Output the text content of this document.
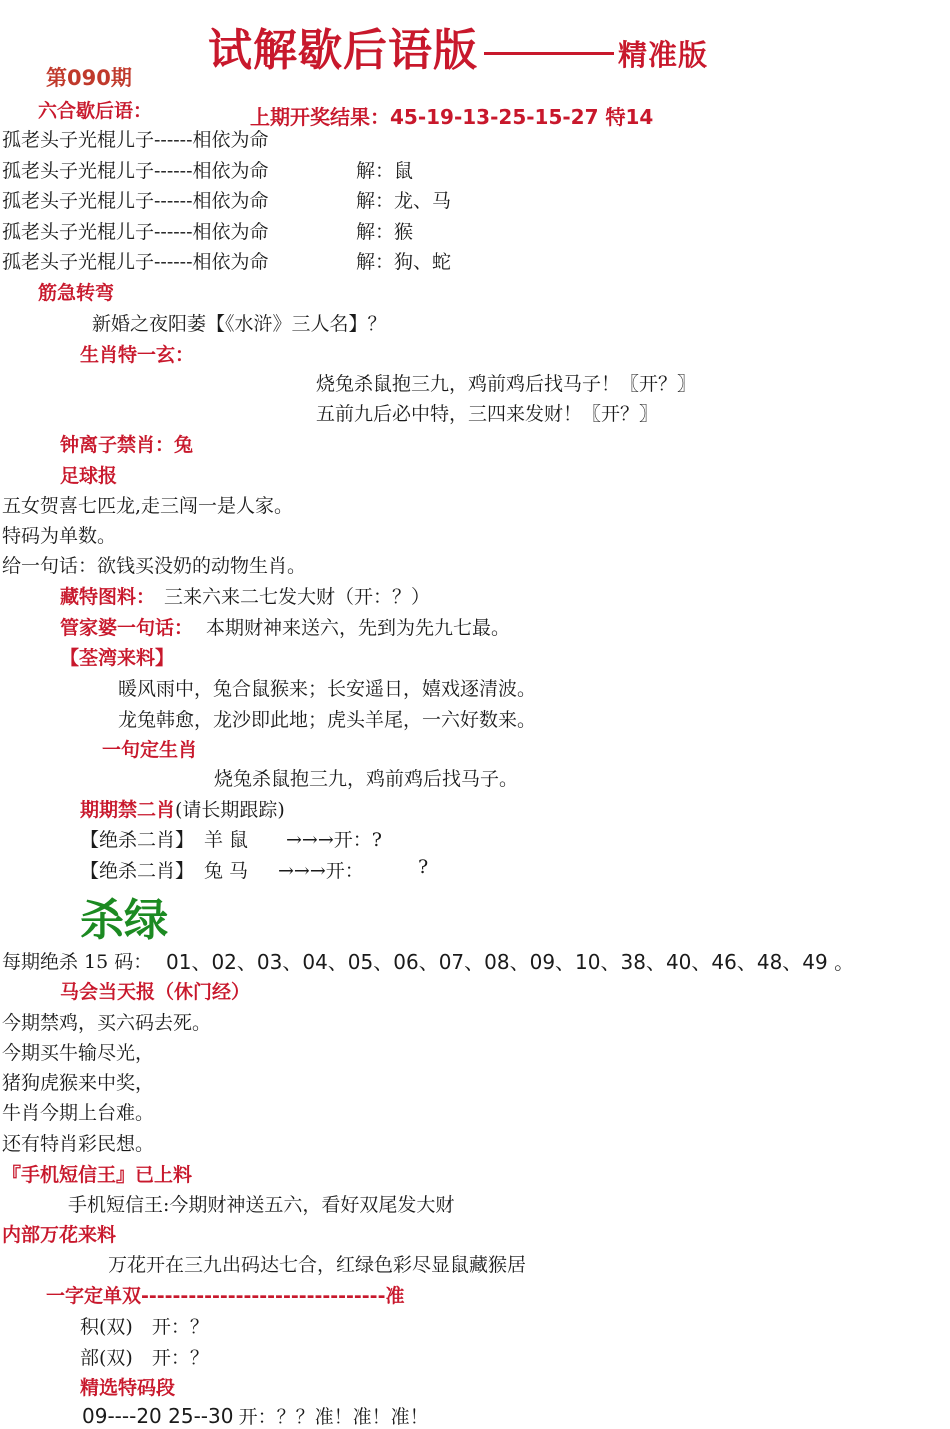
试解歇后语版	精准版
第090期
六合歇后语：	上期开奖结果：45-19-13-25-15-27 特14
孤老头子光棍儿子------相依为命
孤老头子光棍儿子------相依为命	解：鼠
孤老头子光棍儿子------相依为命	解：龙、马
孤老头子光棍儿子------相依为命	解：猴
孤老头子光棍儿子------相依为命	解：狗、蛇
筋急转弯
新婚之夜阳萎【《水浒》三人名】？
生肖特一玄：
烧兔杀鼠抱三九，鸡前鸡后找马子！〖开？〗
五前九后必中特，三四来发财！〖开？〗
钟离子禁肖：兔
足球报
五女贺喜七匹龙,走三闯一是人家。
特码为单数。
给一句话：欲钱买没奶的动物生肖。
藏特图料： 三来六来二七发大财（开：？）
管家婆一句话： 本期财神来送六，先到为先九七最。
【荃湾来料】
暖风雨中，兔合鼠猴来；长安遥日，嬉戏逐清波。
龙兔韩愈，龙沙即此地；虎头羊尾，一六好数来。
一句定生肖
烧兔杀鼠抱三九，鸡前鸡后找马子。
期期禁二肖(请长期跟踪)
【绝杀二肖】 羊 鼠 →→→开：?
【绝杀二肖】 兔 马 →→→开：	?
杀绿
每期绝杀 15 码： 01、02、03、04、05、06、07、08、09、10、38、40、46、48、49 。
马会当天报（休门经）
今期禁鸡，买六码去死。
今期买牛输尽光，
猪狗虎猴来中奖，
牛肖今期上台难。
还有特肖彩民想。
『手机短信王』已上料
手机短信王:今期财神送五六，看好双尾发大财
内部万花来料
万花开在三九出码达七合，红绿色彩尽显鼠藏猴居
一字定单双-------------------------------准
积(双)　开：？
部(双)　开：？
精选特码段
09----20 25--30 开：？？准！准！准！
